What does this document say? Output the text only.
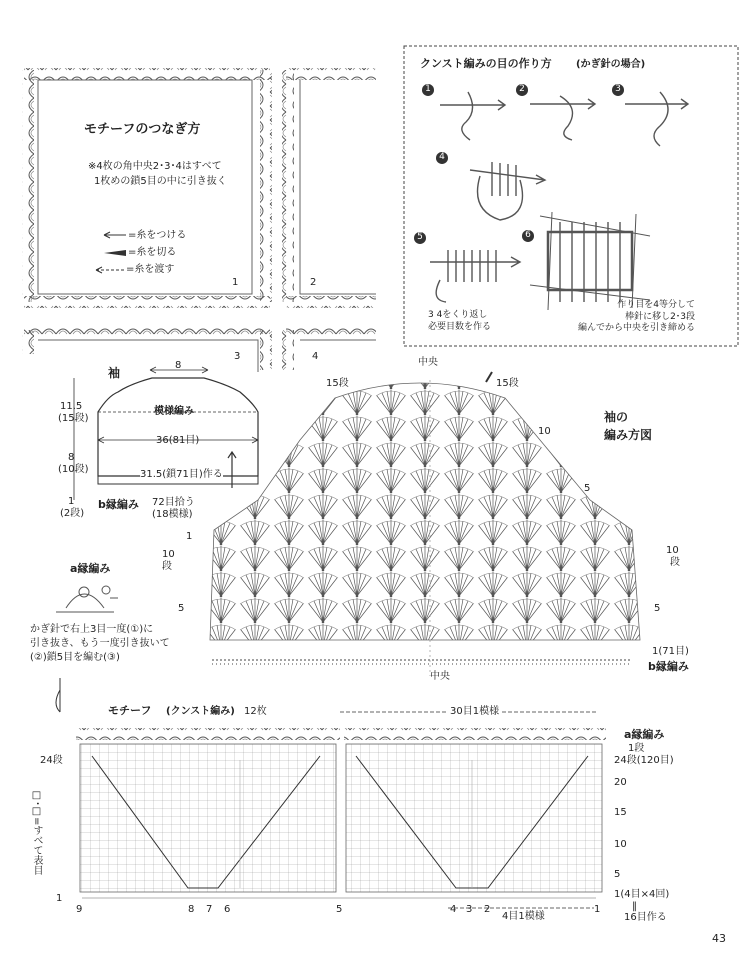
モチーフのつなぎ方
※4枚の角中央2･3･4はすべて
1枚めの鎖5目の中に引き抜く
=糸をつける
=糸を切る
=糸を渡す
1	2
3	4
クンスト編みの目の作り方 (かぎ針の場合)
1	2	3
4
5	6
3 4をくり返し
必要目数を作る
作り目を4等分して
棒針に移し2･3段
編んでから中央を引き締める
袖
8
模様編み
11.5
(15段)
8
(10段)
1
(2段)
36(81目)
31.5(鎖71目)作る
b縁編み 72目拾う
(18模様)
袖の
編み方図
中央
15段	15段
10
5
1
10
段
10
段
5	5
1(71目)
b縁編み
中央
a縁編み
かぎ針で右上3目一度(①)に
引き抜き、もう一度引き抜いて
(②)鎖5目を編む(③)
モチーフ (クンスト編み) 12枚	30目1模様
a縁編み
1段
24段	24段(120目)
20
15
10
5
1	1(4目×4回)
‖
16目作る
4目1模様
9	8 7 6	5	4 3 2	1
□･□=すべて表目
43
